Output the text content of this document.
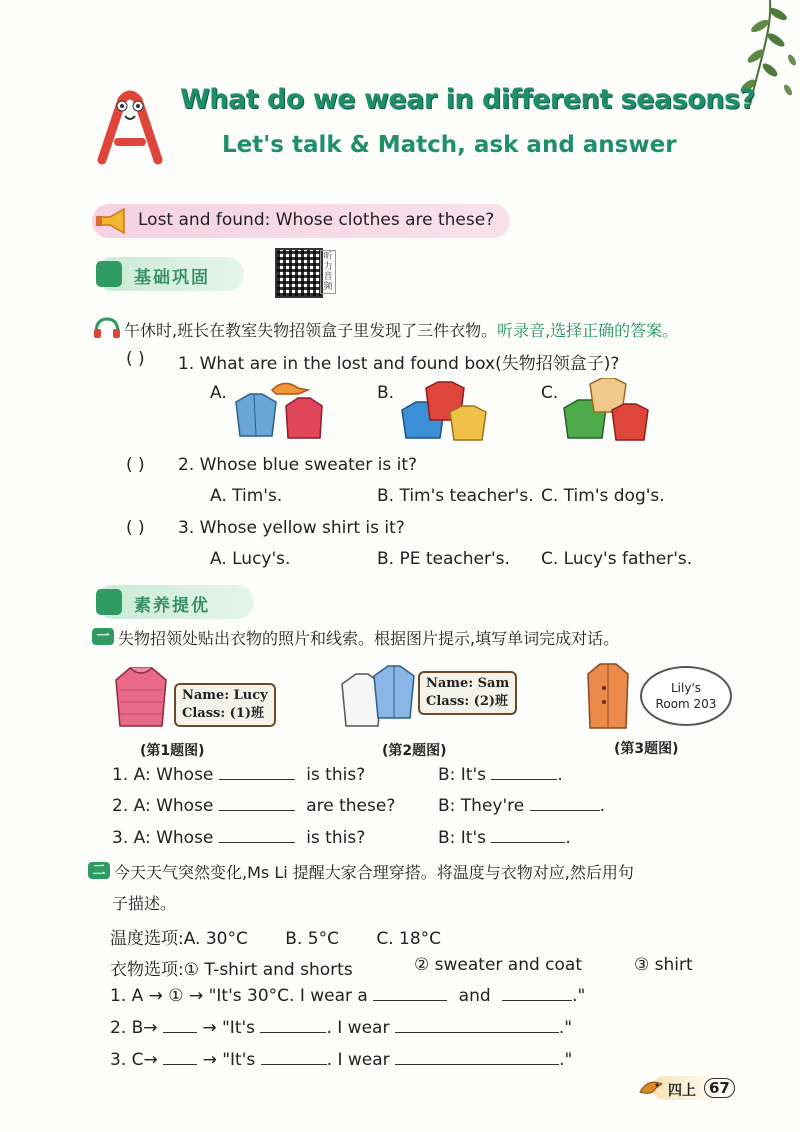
What do we wear in different seasons?
Let's talk & Match, ask and answer
Lost and found: Whose clothes are these?
基础巩固
听力音频
午休时,班长在教室失物招领盒子里发现了三件衣物。听录音,选择正确的答案。
( ) 1. What are in the lost and found box(失物招领盒子)?
A.	B.	C.
( ) 2. Whose blue sweater is it?
A. Tim's.	B. Tim's teacher's. C. Tim's dog's.
( ) 3. Whose yellow shirt is it?
A. Lucy's.	B. PE teacher's. C. Lucy's father's.
素养提优
一 失物招领处贴出衣物的照片和线索。根据图片提示,填写单词完成对话。
Name: Lucy
Class: (1)班
Name: Sam
Class: (2)班
Lily's
Room 203
(第1题图)	(第2题图)	(第3题图)
1. A: Whose	is this?	B: It's	.
2. A: Whose	are these?	B: They're	.
3. A: Whose	is this?	B: It's	.
二 今天天气突然变化,Ms Li 提醒大家合理穿搭。将温度与衣物对应,然后用句
子描述。
温度选项:A. 30°C B. 5°C C. 18°C
衣物选项:① T-shirt and shorts	② sweater and coat	③ shirt
1. A → ① → "It's 30°C. I wear a	and	."
2. B→	→ "It's	. I wear	."
3. C→	→ "It's	. I wear	."
四上 67
